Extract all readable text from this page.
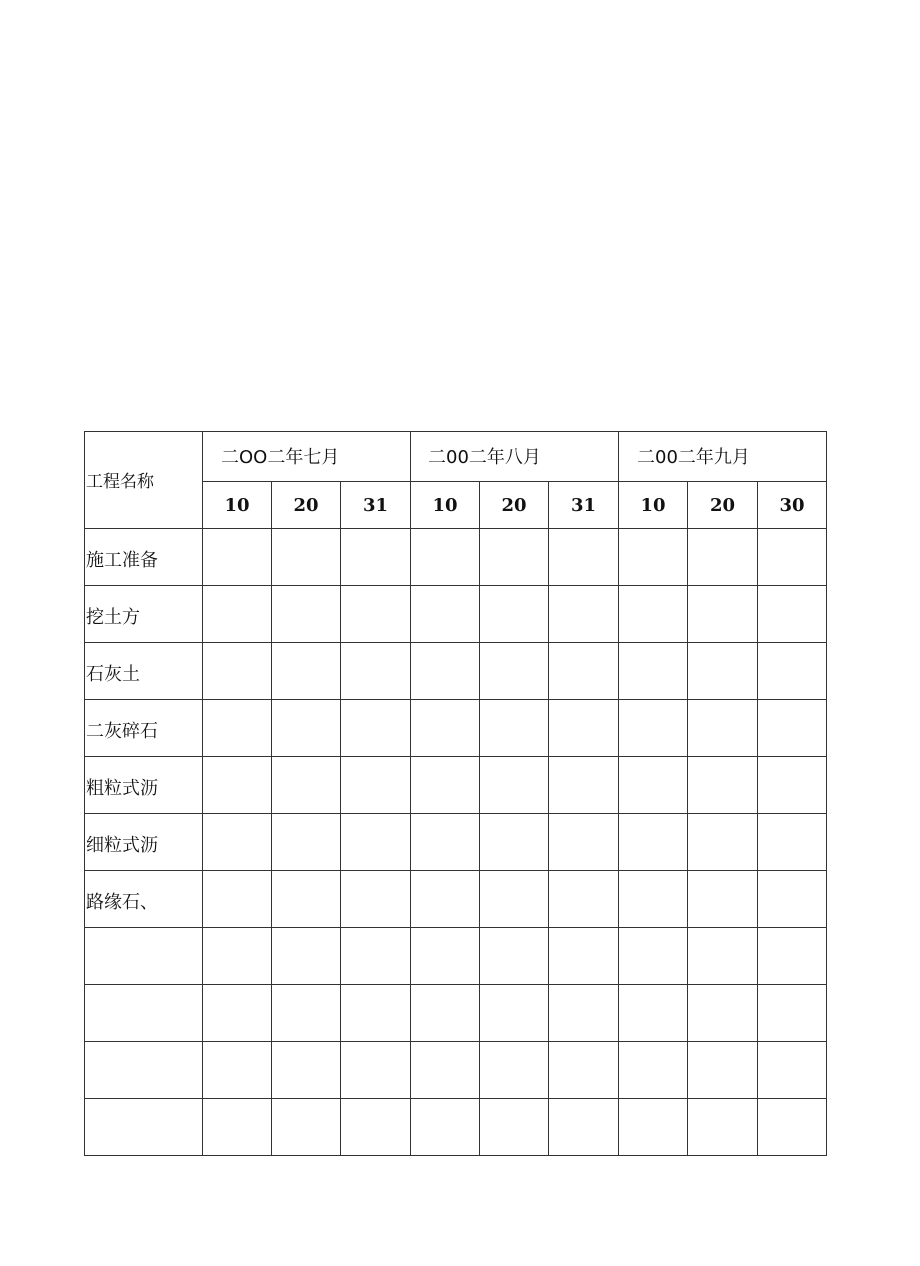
工程名称	二OO二年七月			二00二年八月			二00二年九月		
	10	20	31	10	20	31	10	20	30
施工准备									
挖土方									
石灰土									
二灰碎石									
粗粒式沥									
细粒式沥									
路缘石、									
